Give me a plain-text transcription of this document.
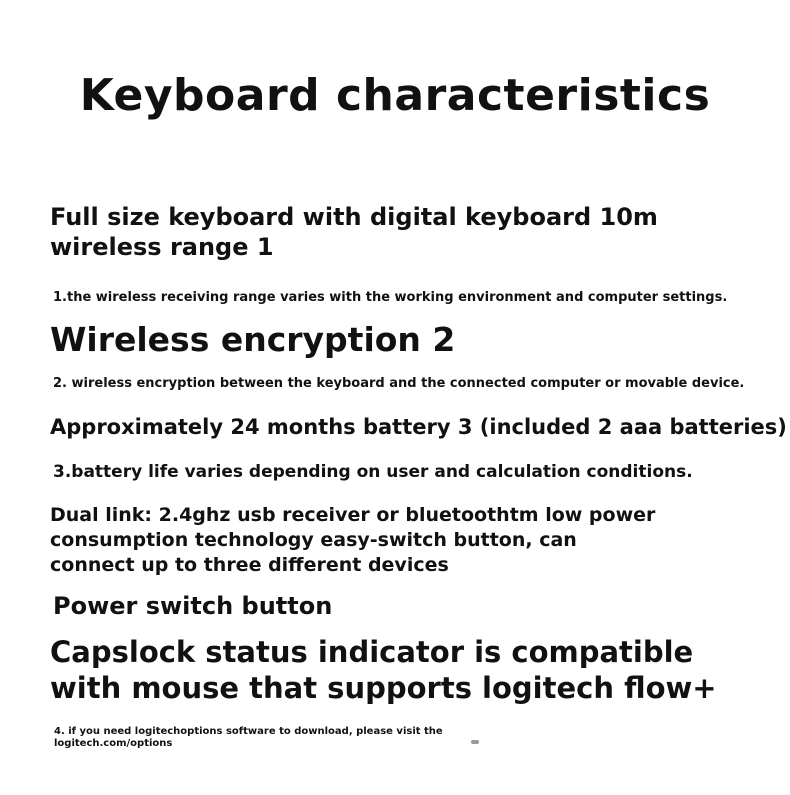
Keyboard characteristics
Full size keyboard with digital keyboard 10m
wireless range 1
1.the wireless receiving range varies with the working environment and computer settings.
Wireless encryption 2
2. wireless encryption between the keyboard and the connected computer or movable device.
Approximately 24 months battery 3 (included 2 aaa batteries)
3.battery life varies depending on user and calculation conditions.
Dual link: 2.4ghz usb receiver or bluetoothtm low power
consumption technology easy-switch button, can
connect up to three different devices
Power switch button
Capslock status indicator is compatible
with mouse that supports logitech flow+
4. if you need logitechoptions software to download, please visit the
logitech.com/options
